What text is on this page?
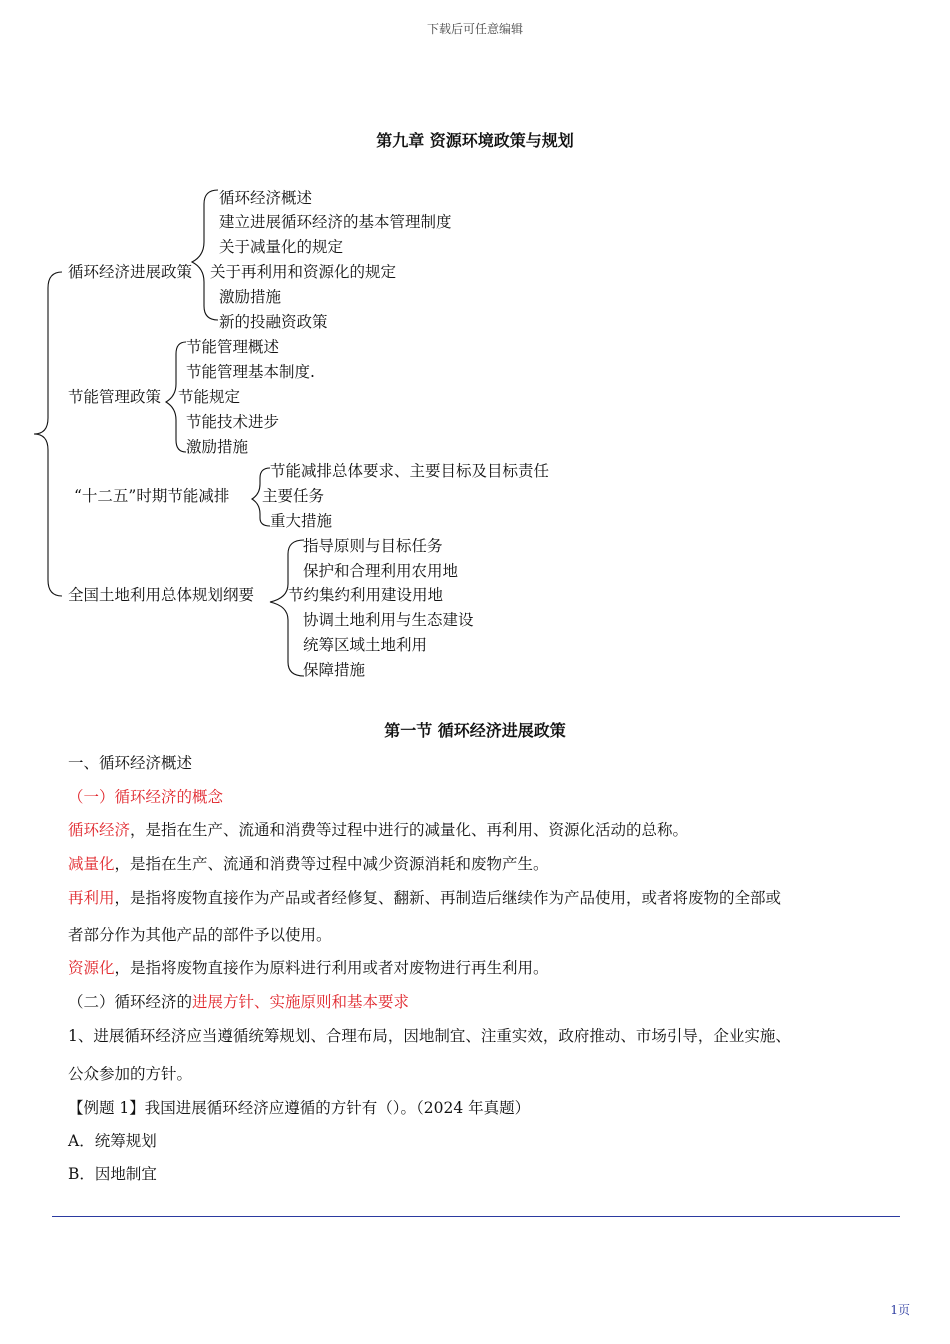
下载后可任意编辑
第九章 资源环境政策与规划
循环经济进展政策
循环经济概述
建立进展循环经济的基本管理制度
关于减量化的规定
关于再利用和资源化的规定
激励措施
新的投融资政策
节能管理政策
节能管理概述
节能管理基本制度.
节能规定
节能技术进步
激励措施
“十二五”时期节能减排
节能减排总体要求、主要目标及目标责任
主要任务
重大措施
全国土地利用总体规划纲要
指导原则与目标任务
保护和合理利用农用地
节约集约利用建设用地
协调土地利用与生态建设
统筹区域土地利用
保障措施
第一节 循环经济进展政策
一、循环经济概述
（一）循环经济的概念
循环经济，是指在生产、流通和消费等过程中进行的减量化、再利用、资源化活动的总称。
减量化，是指在生产、流通和消费等过程中减少资源消耗和废物产生。
再利用，是指将废物直接作为产品或者经修复、翻新、再制造后继续作为产品使用，或者将废物的全部或
者部分作为其他产品的部件予以使用。
资源化，是指将废物直接作为原料进行利用或者对废物进行再生利用。
（二）循环经济的进展方针、实施原则和基本要求
1、进展循环经济应当遵循统筹规划、合理布局，因地制宜、注重实效，政府推动、市场引导，企业实施、
公众参加的方针。
【例题 1】我国进展循环经济应遵循的方针有（）。（2024 年真题）
A．统筹规划
B．因地制宜
1页
